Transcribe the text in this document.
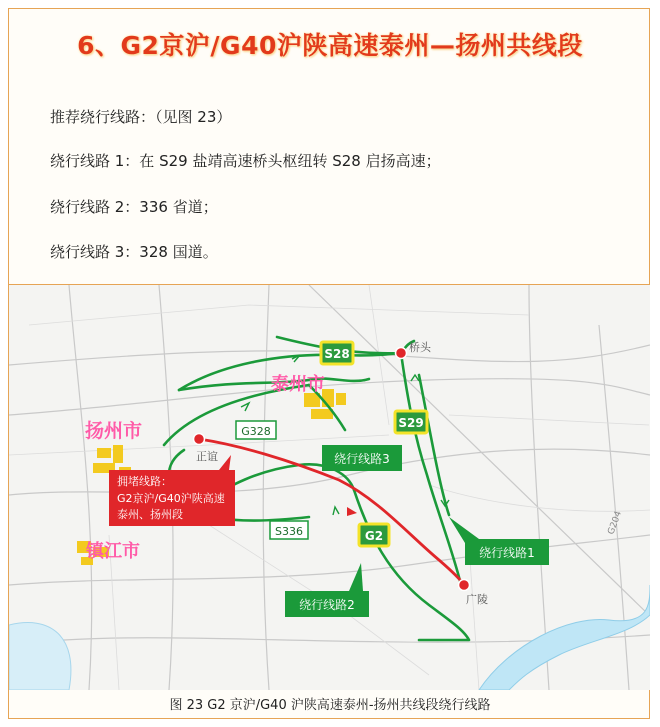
6、G2京沪/G40沪陕高速泰州—扬州共线段
推荐绕行线路：（见图 23）
绕行线路 1：在 S29 盐靖高速桥头枢纽转 S28 启扬高速；
绕行线路 2：336 省道；
绕行线路 3：328 国道。
扬州市
泰州市
镇江市
桥头
正谊
广陵
S28
S29
G2
G328
S336	G204
绕行线路3
绕行线路1
绕行线路2
拥堵线路：
G2京沪/G40沪陕高速
泰州、扬州段
图 23 G2 京沪/G40 沪陕高速泰州-扬州共线段绕行线路
